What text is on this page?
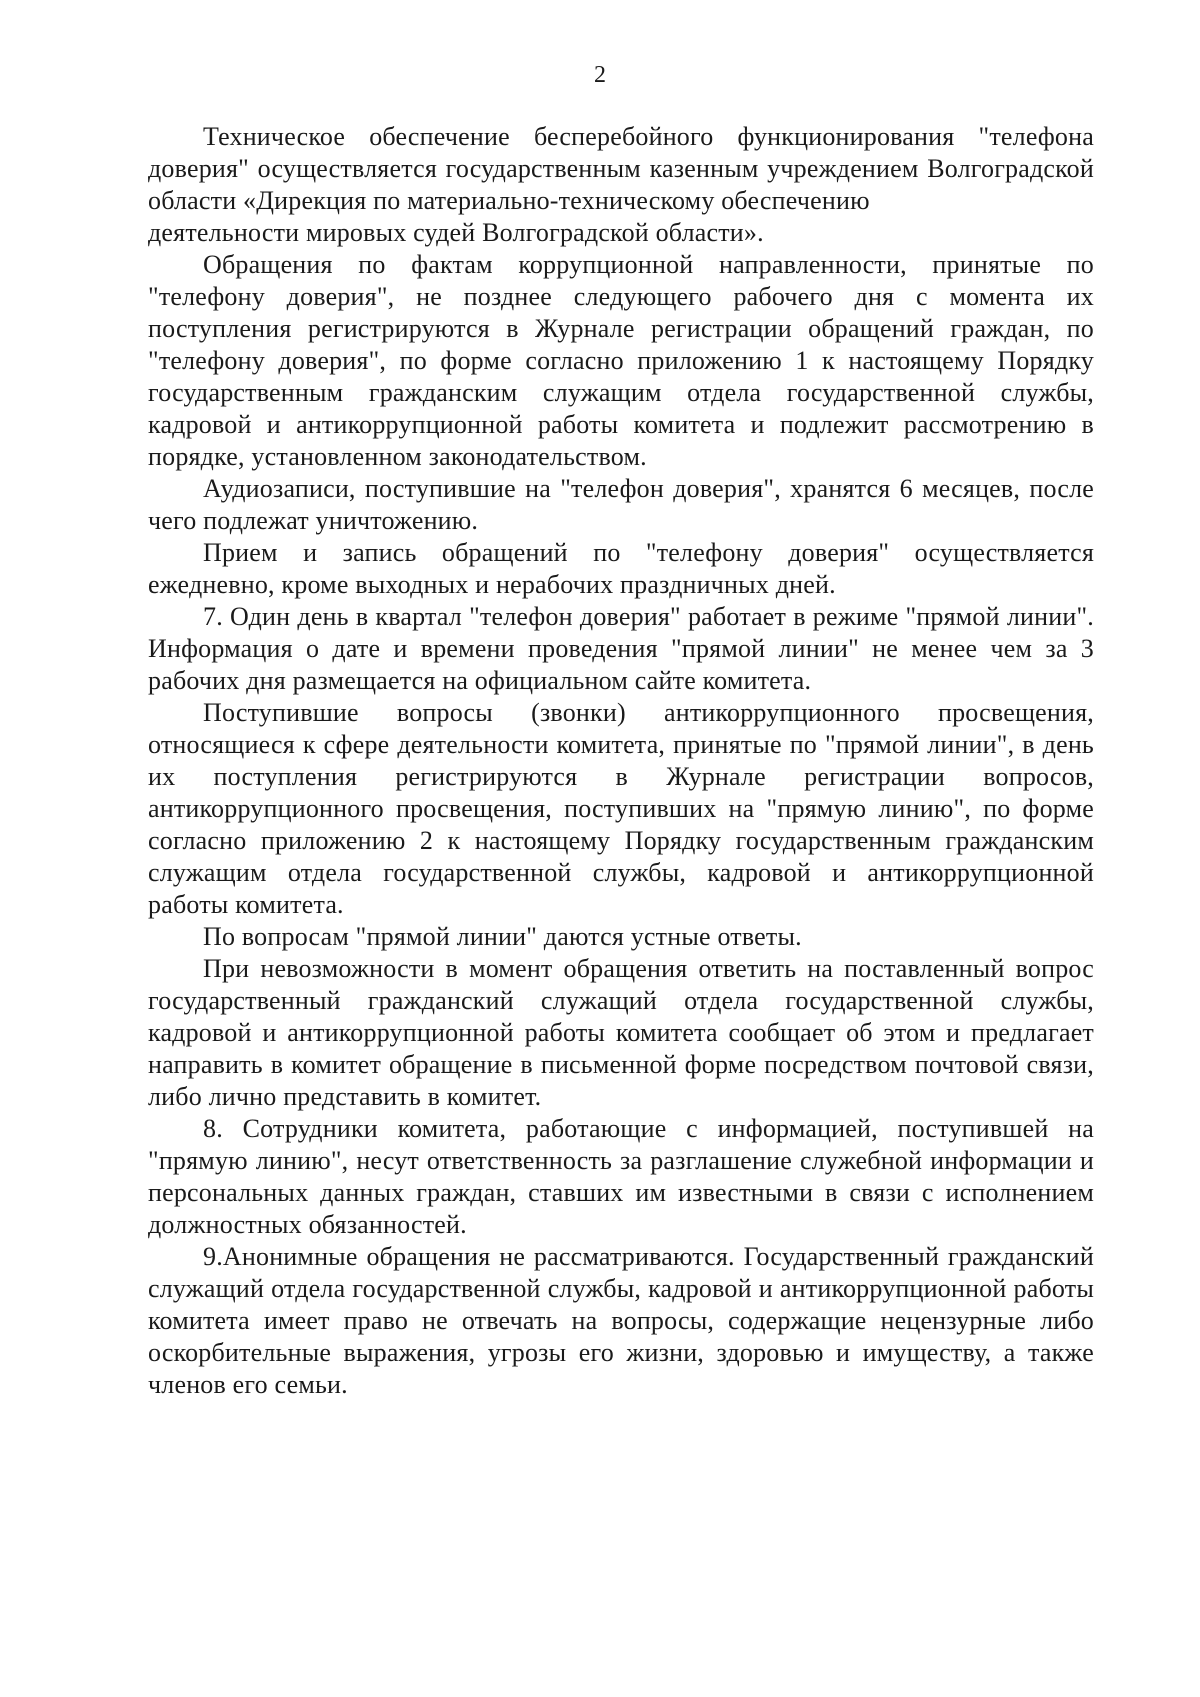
2

Техническое обеспечение бесперебойного функционирования "телефона доверия" осуществляется государственным казенным учреждением Волгоградской области «Дирекция по материально-техническому обеспечению

деятельности мировых судей Волгоградской области».

Обращения по фактам коррупционной направленности, принятые по "телефону доверия", не позднее следующего рабочего дня с момента их поступления регистрируются в Журнале регистрации обращений граждан, по "телефону доверия", по форме согласно приложению 1 к настоящему Порядку государственным гражданским служащим отдела государственной службы, кадровой и антикоррупционной работы комитета и подлежит рассмотрению в порядке, установленном законодательством.

Аудиозаписи, поступившие на "телефон доверия", хранятся 6 месяцев, после чего подлежат уничтожению.

Прием и запись обращений по "телефону доверия" осуществляется ежедневно, кроме выходных и нерабочих праздничных дней.

7. Один день в квартал "телефон доверия" работает в режиме "прямой линии". Информация о дате и времени проведения "прямой линии" не менее чем за 3 рабочих дня размещается на официальном сайте комитета.

Поступившие вопросы (звонки) антикоррупционного просвещения, относящиеся к сфере деятельности комитета, принятые по "прямой линии", в день их поступления регистрируются в Журнале регистрации вопросов, антикоррупционного просвещения, поступивших на "прямую линию", по форме согласно приложению 2 к настоящему Порядку государственным гражданским служащим отдела государственной службы, кадровой и антикоррупционной работы комитета.

По вопросам "прямой линии" даются устные ответы.

При невозможности в момент обращения ответить на поставленный вопрос государственный гражданский служащий отдела государственной службы, кадровой и антикоррупционной работы комитета сообщает об этом и предлагает направить в комитет обращение в письменной форме посредством почтовой связи, либо лично представить в комитет.

8. Сотрудники комитета, работающие с информацией, поступившей на "прямую линию", несут ответственность за разглашение служебной информации и персональных данных граждан, ставших им известными в связи с исполнением должностных обязанностей.

9.Анонимные обращения не рассматриваются. Государственный гражданский служащий отдела государственной службы, кадровой и антикоррупционной работы комитета имеет право не отвечать на вопросы, содержащие нецензурные либо оскорбительные выражения, угрозы его жизни, здоровью и имуществу, а также членов его семьи.
